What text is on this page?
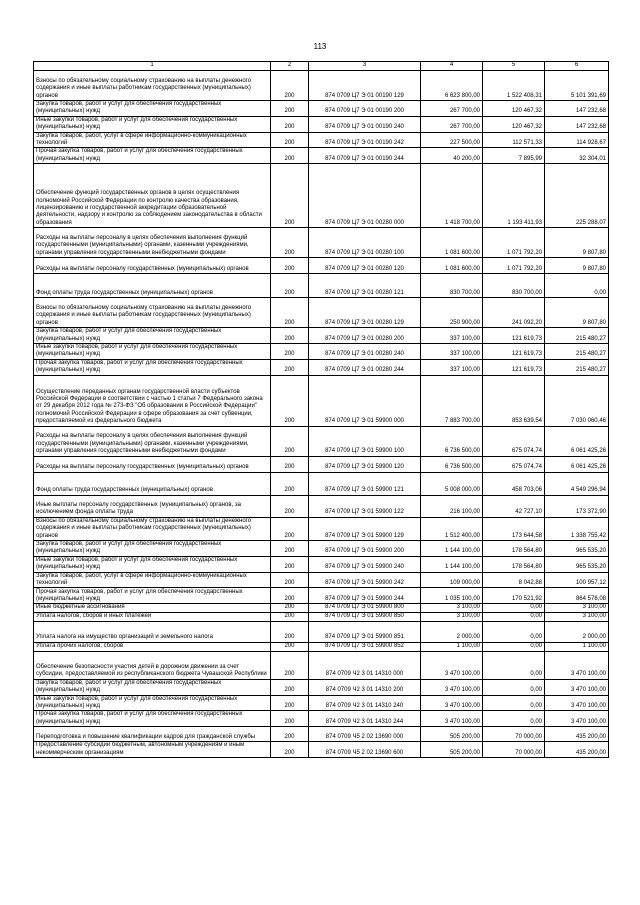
113
1	2	3	4	5	6
Взносы по обязательному социальному страхованию на выплаты денежного содержания и иные выплаты работникам государственных (муниципальных) органов	200	874 0709 Ц7 Э 01 00190 129	6 623 800,00	1 522 408,31	5 101 391,69
Закупка товаров, работ и услуг для обеспечения государственных (муниципальных) нужд	200	874 0709 Ц7 Э 01 00190 200	267 700,00	120 467,32	147 232,68
Иные закупки товаров, работ и услуг для обеспечения государственных (муниципальных) нужд	200	874 0709 Ц7 Э 01 00190 240	267 700,00	120 467,32	147 232,68
Закупка товаров, работ, услуг в сфере информационно-коммуникационных технологий	200	874 0709 Ц7 Э 01 00190 242	227 500,00	112 571,33	114 928,67
Прочая закупка товаров, работ и услуг для обеспечения государственных (муниципальных) нужд	200	874 0709 Ц7 Э 01 00190 244	40 200,00	7 895,99	32 304,01
Обеспечение функций государственных органов в целях осуществления полномочий Российской Федерации по контролю качества образования, лицензированию и государственной аккредитации образовательной деятельности, надзору и контролю за соблюдением законодательства в области образования	200	874 0709 Ц7 Э 01 00280 000	1 418 700,00	1 193 411,93	225 288,07
Расходы на выплаты персоналу в целях обеспечения выполнения функций государственными (муниципальными) органами, казенными учреждениями, органами управления государственными внебюджетными фондами	200	874 0709 Ц7 Э 01 00280 100	1 081 600,00	1 071 792,20	9 807,80
Расходы на выплаты персоналу государственных (муниципальных) органов	200	874 0709 Ц7 Э 01 00280 120	1 081 600,00	1 071 792,20	9 807,80
Фонд оплаты труда государственных (муниципальных) органов	200	874 0709 Ц7 Э 01 00280 121	830 700,00	830 700,00	0,00
Взносы по обязательному социальному страхованию на выплаты денежного содержания и иные выплаты работникам государственных (муниципальных) органов	200	874 0709 Ц7 Э 01 00280 129	250 900,00	241 092,20	9 807,80
Закупка товаров, работ и услуг для обеспечения государственных (муниципальных) нужд	200	874 0709 Ц7 Э 01 00280 200	337 100,00	121 619,73	215 480,27
Иные закупки товаров, работ и услуг для обеспечения государственных (муниципальных) нужд	200	874 0709 Ц7 Э 01 00280 240	337 100,00	121 619,73	215 480,27
Прочая закупка товаров, работ и услуг для обеспечения государственных (муниципальных) нужд	200	874 0709 Ц7 Э 01 00280 244	337 100,00	121 619,73	215 480,27
Осуществление переданных органам государственной власти субъектов Российской Федерации в соответствии с частью 1 статьи 7 Федерального закона от 29 декабря 2012 года № 273-ФЗ "Об образовании в Российской Федерации" полномочий Российской Федерации в сфере образования за счет субвенции, предоставляемой из федерального бюджета	200	874 0709 Ц7 Э 01 59900 000	7 883 700,00	853 639,54	7 030 060,46
Расходы на выплаты персоналу в целях обеспечения выполнения функций государственными (муниципальными) органами, казенными учреждениями, органами управления государственными внебюджетными фондами	200	874 0709 Ц7 Э 01 59900 100	6 736 500,00	675 074,74	6 061 425,26
Расходы на выплаты персоналу государственных (муниципальных) органов	200	874 0709 Ц7 Э 01 59900 120	6 736 500,00	675 074,74	6 061 425,26
Фонд оплаты труда государственных (муниципальных) органов	200	874 0709 Ц7 Э 01 59900 121	5 008 000,00	458 703,06	4 549 296,94
Иные выплаты персоналу государственных (муниципальных) органов, за исключением фонда оплаты труда	200	874 0709 Ц7 Э 01 59900 122	216 100,00	42 727,10	173 372,90
Взносы по обязательному социальному страхованию на выплаты денежного содержания и иные выплаты работникам государственных (муниципальных) органов	200	874 0709 Ц7 Э 01 59900 129	1 512 400,00	173 644,58	1 338 755,42
Закупка товаров, работ и услуг для обеспечения государственных (муниципальных) нужд	200	874 0709 Ц7 Э 01 59900 200	1 144 100,00	178 564,80	965 535,20
Иные закупки товаров, работ и услуг для обеспечения государственных (муниципальных) нужд	200	874 0709 Ц7 Э 01 59900 240	1 144 100,00	178 564,80	965 535,20
Закупка товаров, работ, услуг в сфере информационно-коммуникационных технологий	200	874 0709 Ц7 Э 01 59900 242	109 000,00	8 042,88	100 957,12
Прочая закупка товаров, работ и услуг для обеспечения государственных (муниципальных) нужд	200	874 0709 Ц7 Э 01 59900 244	1 035 100,00	170 521,92	864 578,08
Иные бюджетные ассигнования	200	874 0709 Ц7 Э 01 59900 800	3 100,00	0,00	3 100,00
Уплата налогов, сборов и иных платежей	200	874 0709 Ц7 Э 01 59900 850	3 100,00	0,00	3 100,00
Уплата налога на имущество организаций и земельного налога	200	874 0709 Ц7 Э 01 59900 851	2 000,00	0,00	2 000,00
Уплата прочих налогов, сборов	200	874 0709 Ц7 Э 01 59900 852	1 100,00	0,00	1 100,00
Обеспечение безопасности участия детей в дорожном движении за счет субсидии, предоставляемой из республиканского бюджета Чувашской Республики	200	874 0709 Ч2 3 01 14310 000	3 470 100,00	0,00	3 470 100,00
Закупка товаров, работ и услуг для обеспечения государственных (муниципальных) нужд	200	874 0709 Ч2 3 01 14310 200	3 470 100,00	0,00	3 470 100,00
Иные закупки товаров, работ и услуг для обеспечения государственных (муниципальных) нужд	200	874 0709 Ч2 3 01 14310 240	3 470 100,00	0,00	3 470 100,00
Прочая закупка товаров, работ и услуг для обеспечения государственных (муниципальных) нужд	200	874 0709 Ч2 3 01 14310 244	3 470 100,00	0,00	3 470 100,00
Переподготовка и повышение квалификации кадров для гражданской службы	200	874 0709 Ч5 2 02 13690 000	505 200,00	70 000,00	435 200,00
Предоставление субсидий бюджетным, автономным учреждениям и иным некоммерческим организациям	200	874 0709 Ч5 2 02 13690 600	505 200,00	70 000,00	435 200,00
